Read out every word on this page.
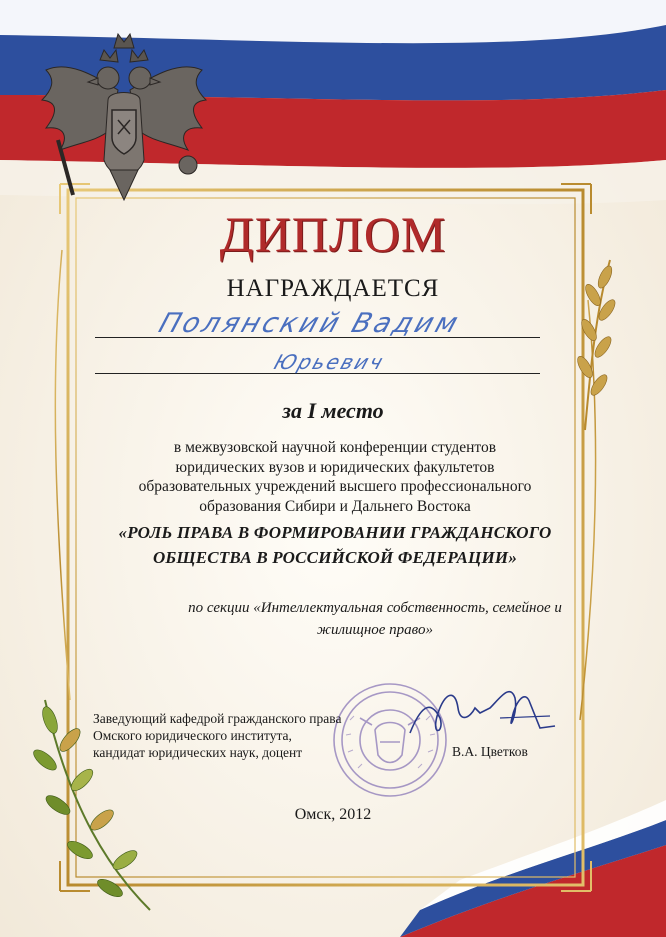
ДИПЛОМ
НАГРАЖДАЕТСЯ
Полянский Вадим
Юрьевич
за I место
в межвузовской научной конференции студентов юридических вузов и юридических факультетов образовательных учреждений высшего профессионального образования Сибири и Дальнего Востока
«РОЛЬ ПРАВА В ФОРМИРОВАНИИ ГРАЖДАНСКОГО ОБЩЕСТВА В РОССИЙСКОЙ ФЕДЕРАЦИИ»
по секции «Интеллектуальная собственность, семейное и жилищное право»
Заведующий кафедрой гражданского права
Омского юридического института,
кандидат юридических наук, доцент	В.А. Цветков
Омск, 2012
